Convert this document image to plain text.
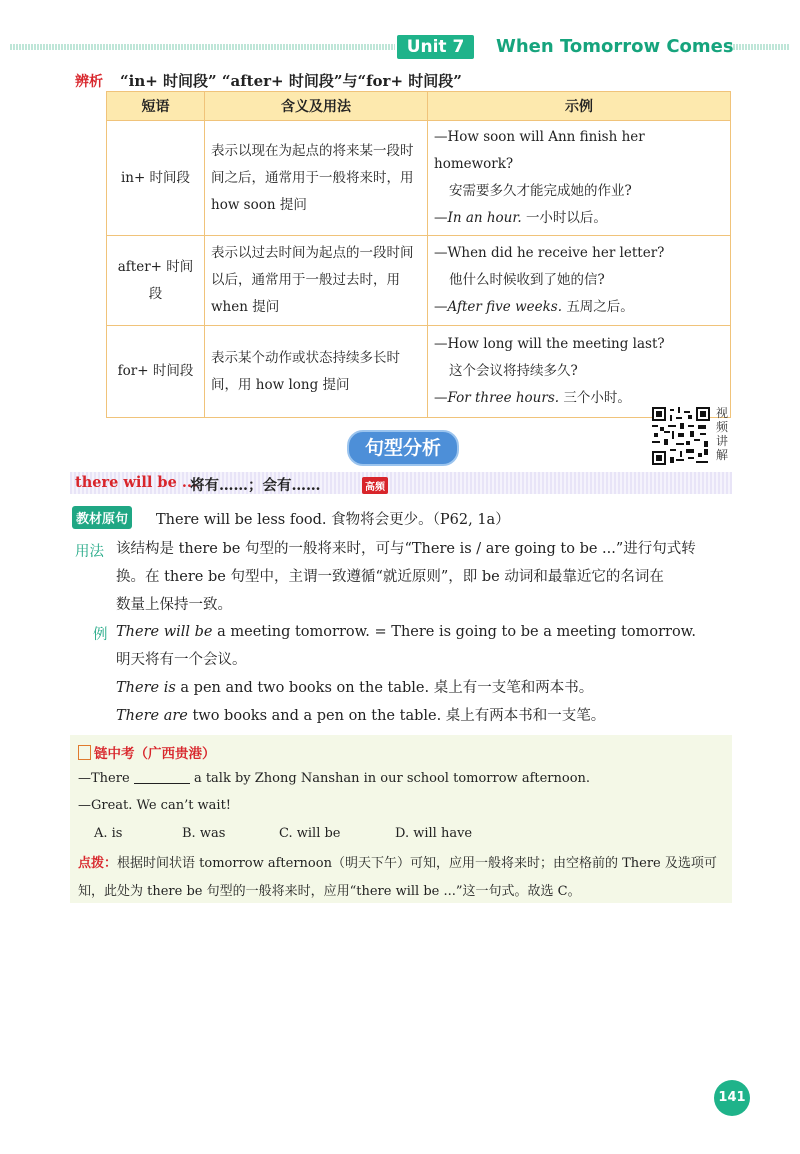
Unit 7	When Tomorrow Comes
辨析 “in+ 时间段” “after+ 时间段”与“for+ 时间段”
短语	含义及用法	示例
in+ 时间段	表示以现在为起点的将来某一段时间之后，通常用于一般将来时，用 how soon 提问	—How soon will Ann finish her homework?
安需要多久才能完成她的作业?
—In an hour. 一小时以后。

after+ 时间段	表示以过去时间为起点的一段时间以后，通常用于一般过去时，用 when 提问	—When did he receive her letter?
他什么时候收到了她的信?
—After five weeks. 五周之后。

for+ 时间段	表示某个动作或状态持续多长时间，用 how long 提问	—How long will the meeting last?
这个会议将持续多久?
—For three hours. 三个小时。
视频讲解
句型分析
there will be ...
将有……；会有……	高频
教材原句 There will be less food. 食物将会更少。（P62, 1a）
用法 该结构是 there be 句型的一般将来时，可与“There is / are going to be ...”进行句式转
换。在 there be 句型中，主谓一致遵循“就近原则”，即 be 动词和最靠近它的名词在
数量上保持一致。
例 There will be a meeting tomorrow. = There is going to be a meeting tomorrow.
明天将有一个会议。
There is a pen and two books on the table. 桌上有一支笔和两本书。
There are two books and a pen on the table. 桌上有两本书和一支笔。
链中考（广西贵港）
—There	a talk by Zhong Nanshan in our school tomorrow afternoon.
—Great. We can’t wait!
A. is	B. was	C. will be	D. will have
点拨：根据时间状语 tomorrow afternoon（明天下午）可知，应用一般将来时；由空格前的 There 及选项可知，此处为 there be 句型的一般将来时，应用“there will be ...”这一句式。故选 C。
141
